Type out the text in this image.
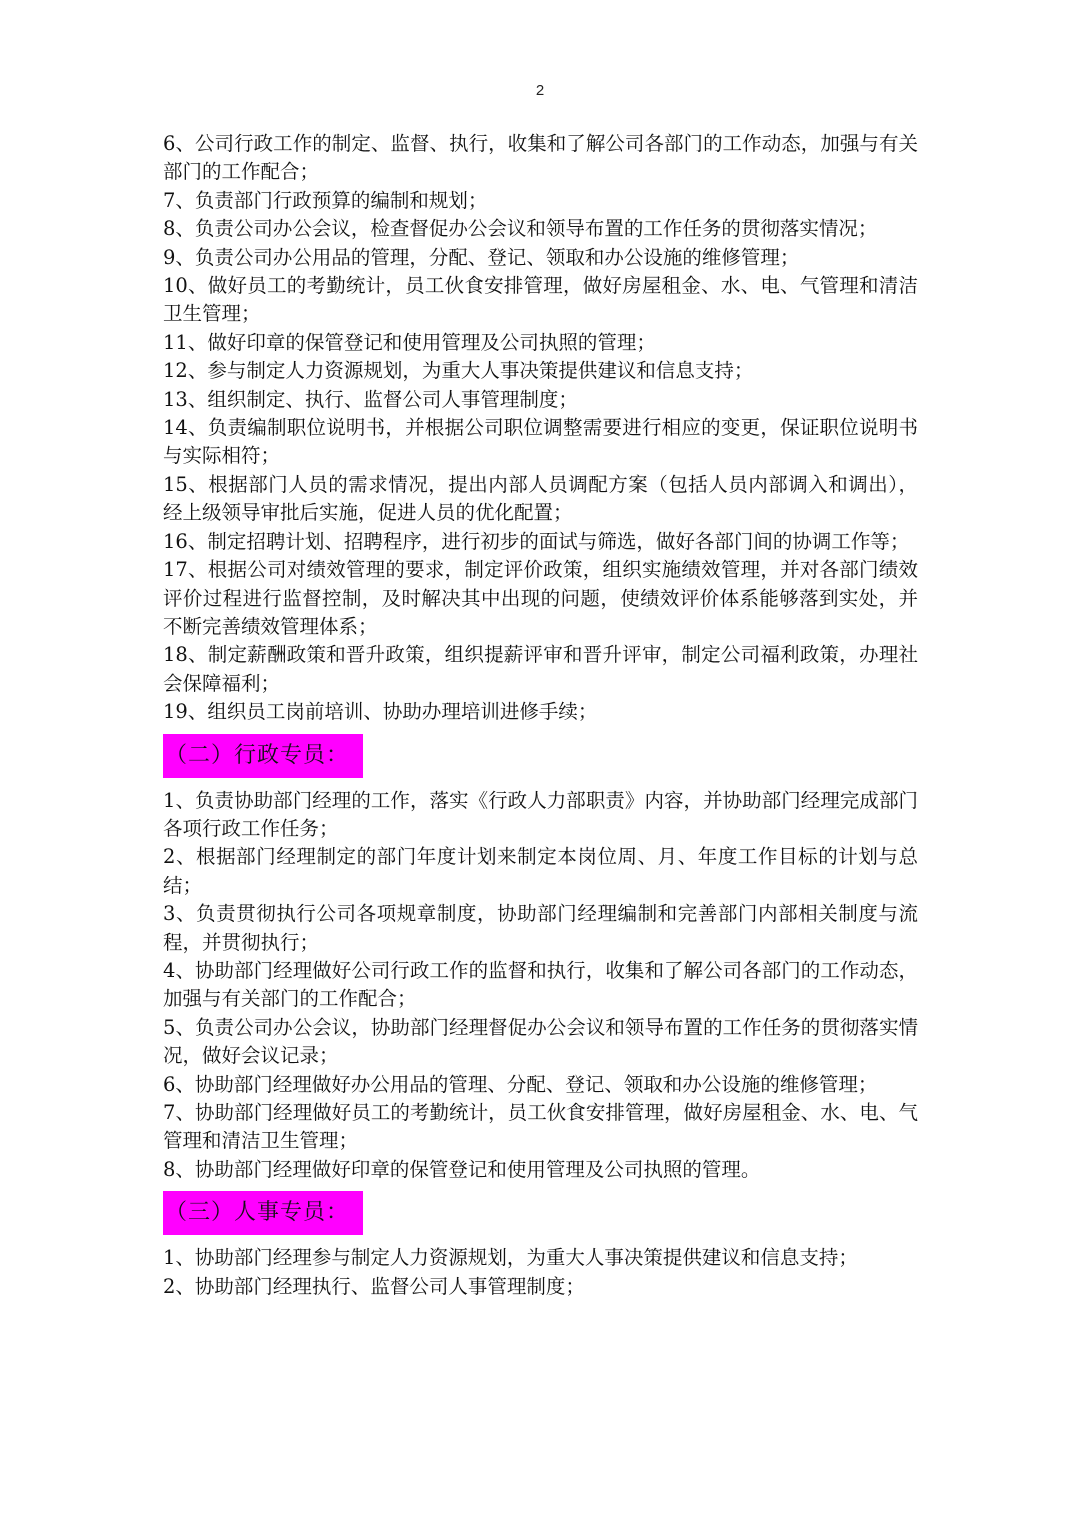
2

6、公司行政工作的制定、监督、执行，收集和了解公司各部门的工作动态，加强与有关部门的工作配合；

7、负责部门行政预算的编制和规划；

8、负责公司办公会议，检查督促办公会议和领导布置的工作任务的贯彻落实情况；

9、负责公司办公用品的管理，分配、登记、领取和办公设施的维修管理；

10、做好员工的考勤统计，员工伙食安排管理，做好房屋租金、水、电、气管理和清洁卫生管理；

11、做好印章的保管登记和使用管理及公司执照的管理；

12、参与制定人力资源规划，为重大人事决策提供建议和信息支持；

13、组织制定、执行、监督公司人事管理制度；

14、负责编制职位说明书，并根据公司职位调整需要进行相应的变更，保证职位说明书与实际相符；

15、根据部门人员的需求情况，提出内部人员调配方案（包括人员内部调入和调出），经上级领导审批后实施，促进人员的优化配置；

16、制定招聘计划、招聘程序，进行初步的面试与筛选，做好各部门间的协调工作等；

17、根据公司对绩效管理的要求，制定评价政策，组织实施绩效管理，并对各部门绩效评价过程进行监督控制，及时解决其中出现的问题，使绩效评价体系能够落到实处，并不断完善绩效管理体系；

18、制定薪酬政策和晋升政策，组织提薪评审和晋升评审，制定公司福利政策，办理社会保障福利；

19、组织员工岗前培训、协助办理培训进修手续；

（二）行政专员：

1、负责协助部门经理的工作，落实《行政人力部职责》内容，并协助部门经理完成部门各项行政工作任务；

2、根据部门经理制定的部门年度计划来制定本岗位周、月、年度工作目标的计划与总结；

3、负责贯彻执行公司各项规章制度，协助部门经理编制和完善部门内部相关制度与流程，并贯彻执行；

4、协助部门经理做好公司行政工作的监督和执行，收集和了解公司各部门的工作动态，加强与有关部门的工作配合；

5、负责公司办公会议，协助部门经理督促办公会议和领导布置的工作任务的贯彻落实情况，做好会议记录；

6、协助部门经理做好办公用品的管理、分配、登记、领取和办公设施的维修管理；

7、协助部门经理做好员工的考勤统计，员工伙食安排管理，做好房屋租金、水、电、气管理和清洁卫生管理；

8、协助部门经理做好印章的保管登记和使用管理及公司执照的管理。

（三）人事专员：

1、协助部门经理参与制定人力资源规划，为重大人事决策提供建议和信息支持；

2、协助部门经理执行、监督公司人事管理制度；
